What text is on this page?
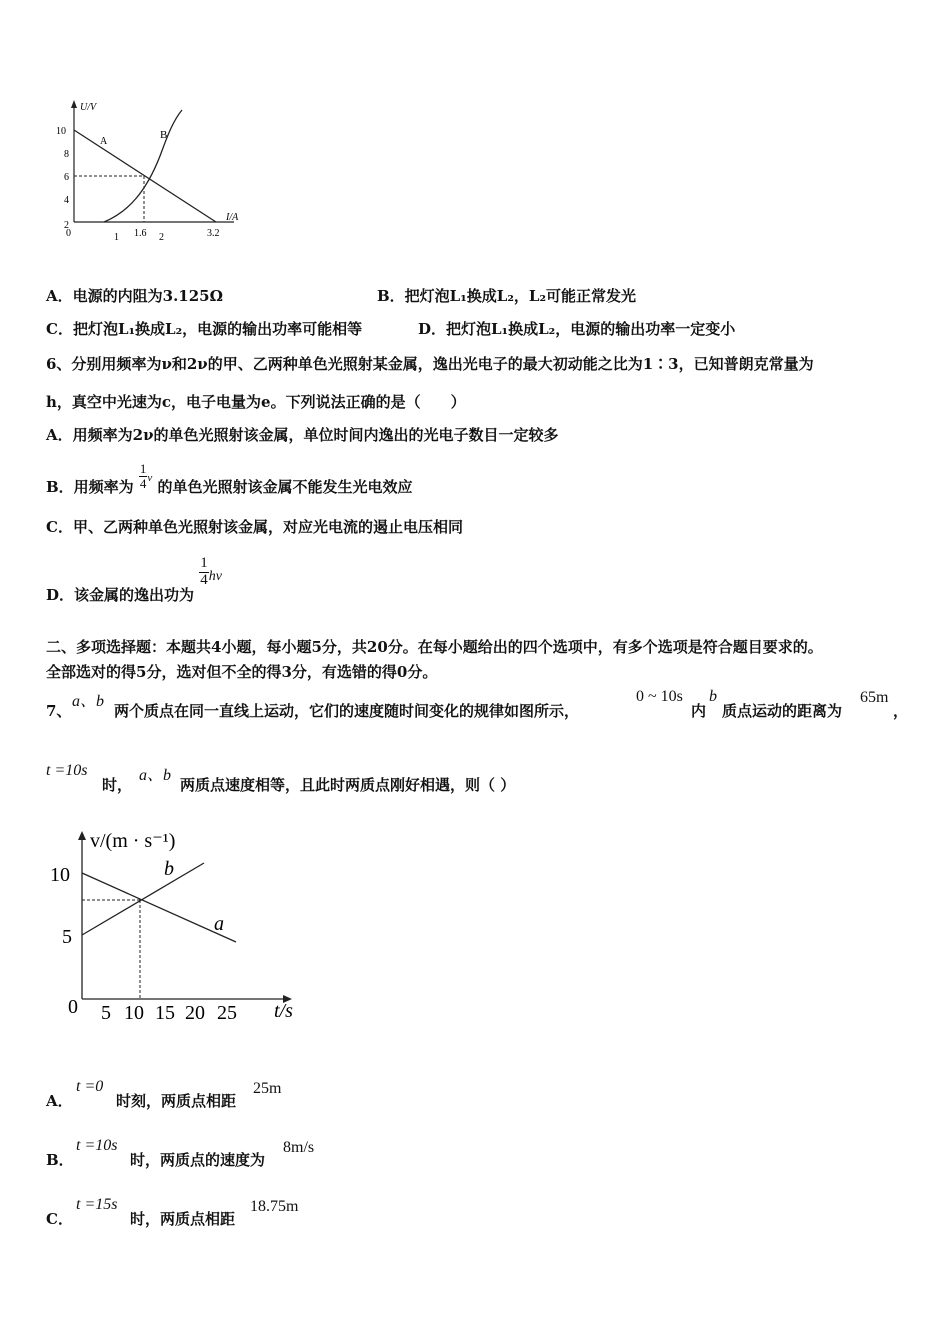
U/V
I/A
10
8
6
4
2
0	1 1.6 2	3.2
A
B
A．电源的内阻为3.125Ω	B．把灯泡L₁换成L₂，L₂可能正常发光
C．把灯泡L₁换成L₂，电源的输出功率可能相等	D．把灯泡L₁换成L₂，电源的输出功率一定变小
6、分别用频率为ν和2ν的甲、乙两种单色光照射某金属，逸出光电子的最大初动能之比为1∶3，已知普朗克常量为
h，真空中光速为c，电子电量为e。下列说法正确的是（　　）
A．用频率为2ν的单色光照射该金属，单位时间内逸出的光电子数目一定较多
B．用频率为 $\frac{1}{4}$ ν 的单色光照射该金属不能发生光电效应
C．甲、乙两种单色光照射该金属，对应光电流的遏止电压相同
D．该金属的逸出功为
$\frac{1}{4}$ hν
二、多项选择题：本题共4小题，每小题5分，共20分。在每小题给出的四个选项中，有多个选项是符合题目要求的。
全部选对的得5分，选对但不全的得3分，有选错的得0分。
7、
a、b
两个质点在同一直线上运动，它们的速度随时间变化的规律如图所示，
0 ~ 10s
内
b
质点运动的距离为
65m
，
t =10s
时，
a、b
两质点速度相等，且此时两质点刚好相遇，则（ ）
v/(m · s⁻¹)
t/s
0
10
5
5 10 15 20 25
a
b
A．
t =0
时刻，两质点相距
25m
B．
t =10s
时，两质点的速度为
8m/s
C．
t =15s
时，两质点相距
18.75m
